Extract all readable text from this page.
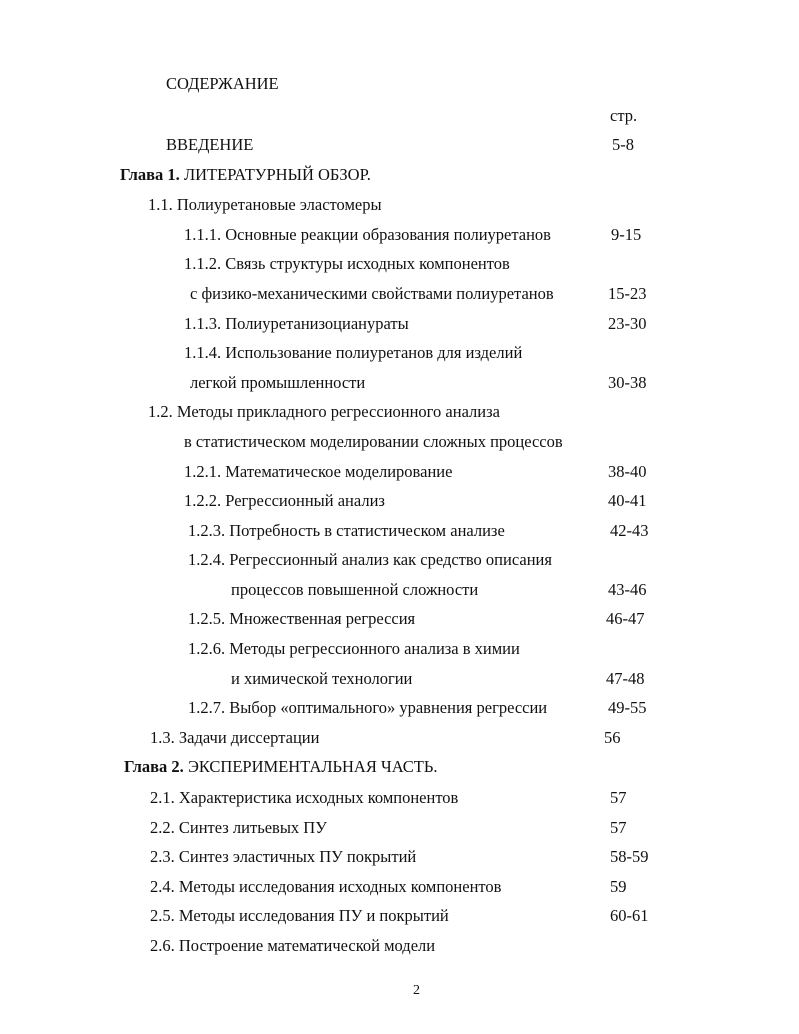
СОДЕРЖАНИЕ
стр.
ВВЕДЕНИЕ	5-8
Глава 1. ЛИТЕРАТУРНЫЙ ОБЗОР.
1.1. Полиуретановые эластомеры
1.1.1. Основные реакции образования полиуретанов	9-15
1.1.2. Связь структуры исходных компонентов
с физико-механическими свойствами полиуретанов	15-23
1.1.3. Полиуретанизоцианураты	23-30
1.1.4. Использование полиуретанов для изделий
легкой промышленности	30-38
1.2. Методы прикладного регрессионного анализа
в статистическом моделировании сложных процессов
1.2.1. Математическое моделирование	38-40
1.2.2. Регрессионный анализ	40-41
1.2.3. Потребность в статистическом анализе	42-43
1.2.4. Регрессионный анализ как средство описания
процессов повышенной сложности	43-46
1.2.5. Множественная регрессия	46-47
1.2.6. Методы регрессионного анализа в химии
и химической технологии	47-48
1.2.7. Выбор «оптимального» уравнения регрессии	49-55
1.3. Задачи диссертации	56
Глава 2. ЭКСПЕРИМЕНТАЛЬНАЯ ЧАСТЬ.
2.1. Характеристика исходных компонентов	57
2.2. Синтез литьевых ПУ	57
2.3. Синтез эластичных ПУ покрытий	58-59
2.4. Методы исследования исходных компонентов	59
2.5. Методы исследования ПУ и покрытий	60-61
2.6. Построение математической модели
2
